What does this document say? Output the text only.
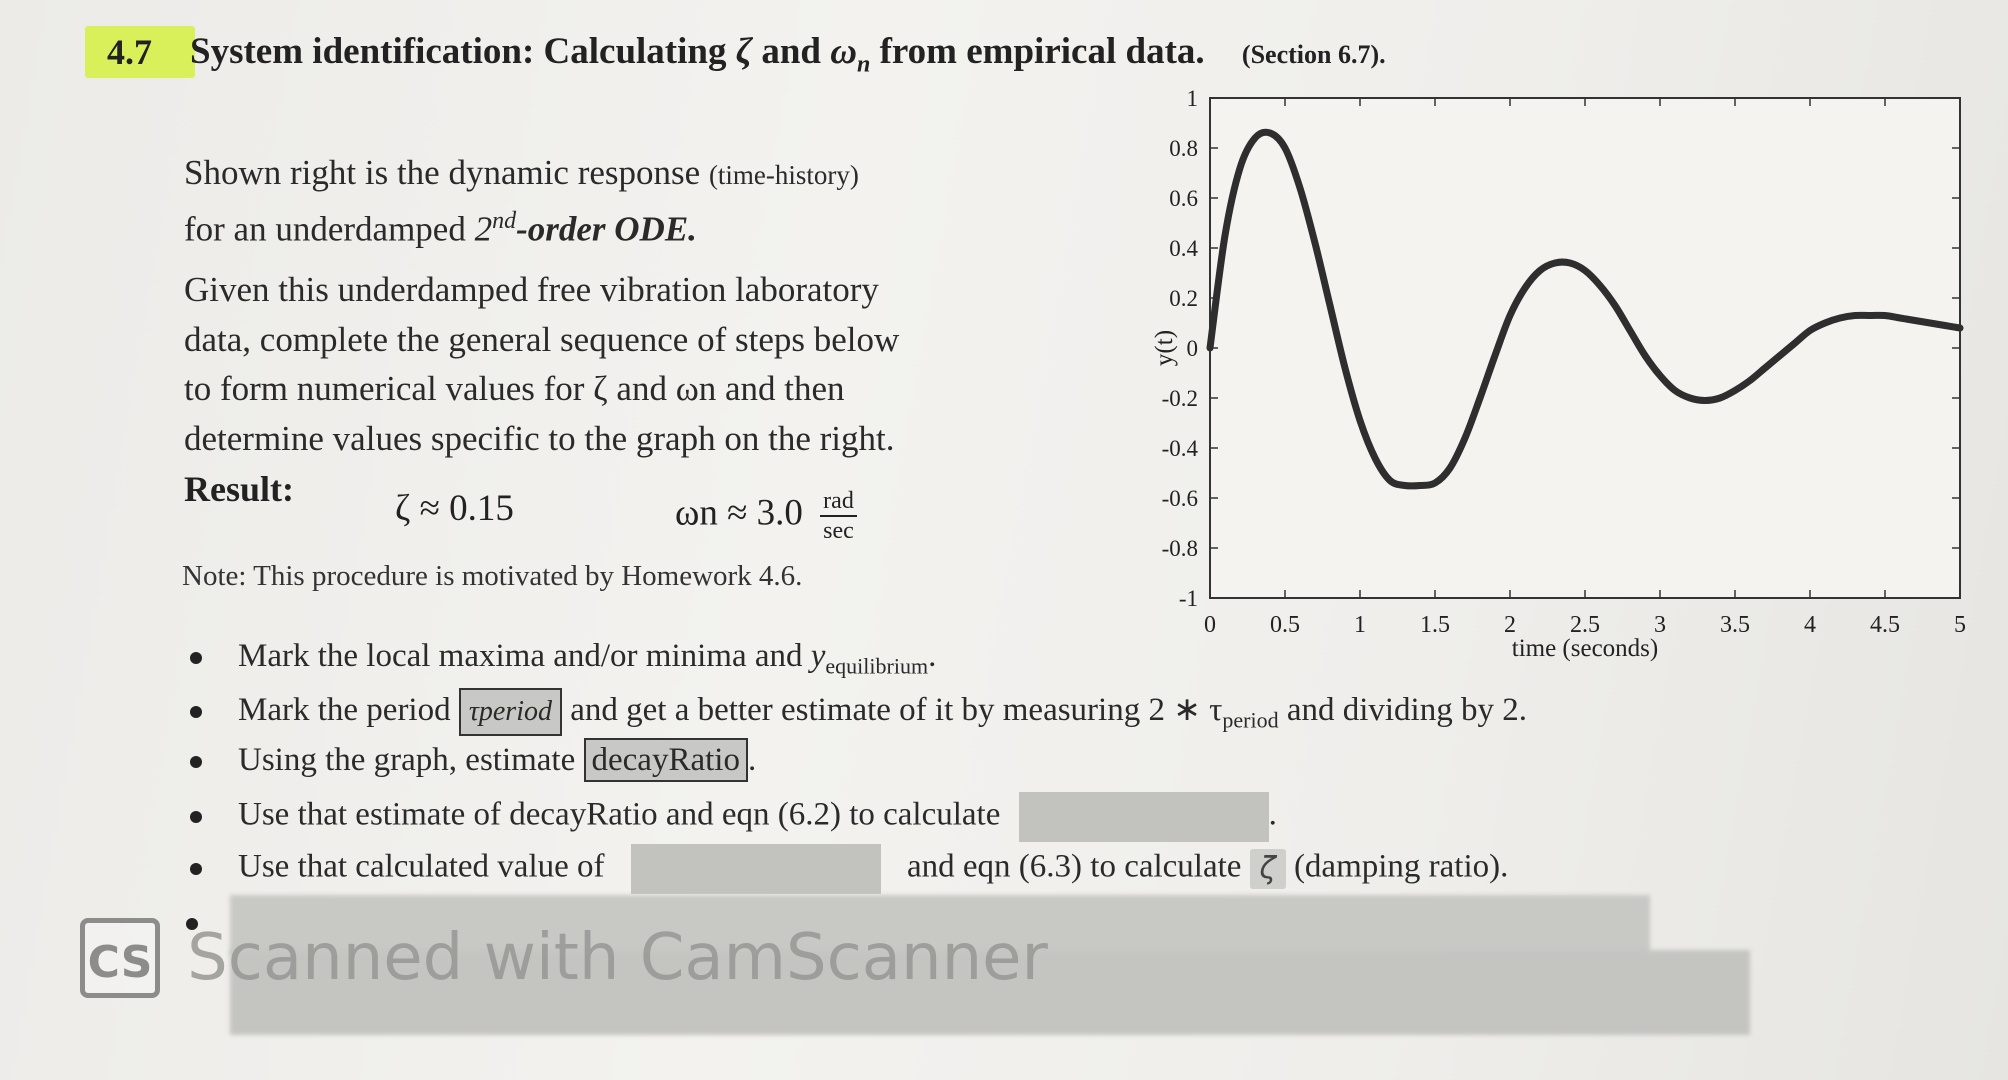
4.7	System identification: Calculating ζ and $\omega_n$ from empirical data. (Section 6.7).
Shown right is the dynamic response (time-history)
for an underdamped 2nd-order ODE.
Given this underdamped free vibration laboratory
data, complete the general sequence of steps below
to form numerical values for ζ and ωn and then
determine values specific to the graph on the right.
Result:	ζ ≈ 0.15	$\omega n \approx 3.0 \frac{\text{rad}}{\sec}$
Note: This procedure is motivated by Homework 4.6.
Mark the local maxima and/or minima and $y_{equilibrium}$.
Mark the period τperiod and get a better estimate of it by measuring 2 ∗ $\tau_{period}$ and dividing by 2.
Using the graph, estimate decayRatio .
Use that estimate of decayRatio and eqn (6.2) to calculate	.
Use that calculated value of	and eqn (6.3) to calculate ζ (damping ratio).
CS Scanned with CamScanner
0 0.5 1 1.5 2 2.5 3 3.5 4 4.5 5
1
0.8
0.6
0.4
0.2
0
-0.2
-0.4
-0.6
-0.8
-1
time (seconds)
y(t)
